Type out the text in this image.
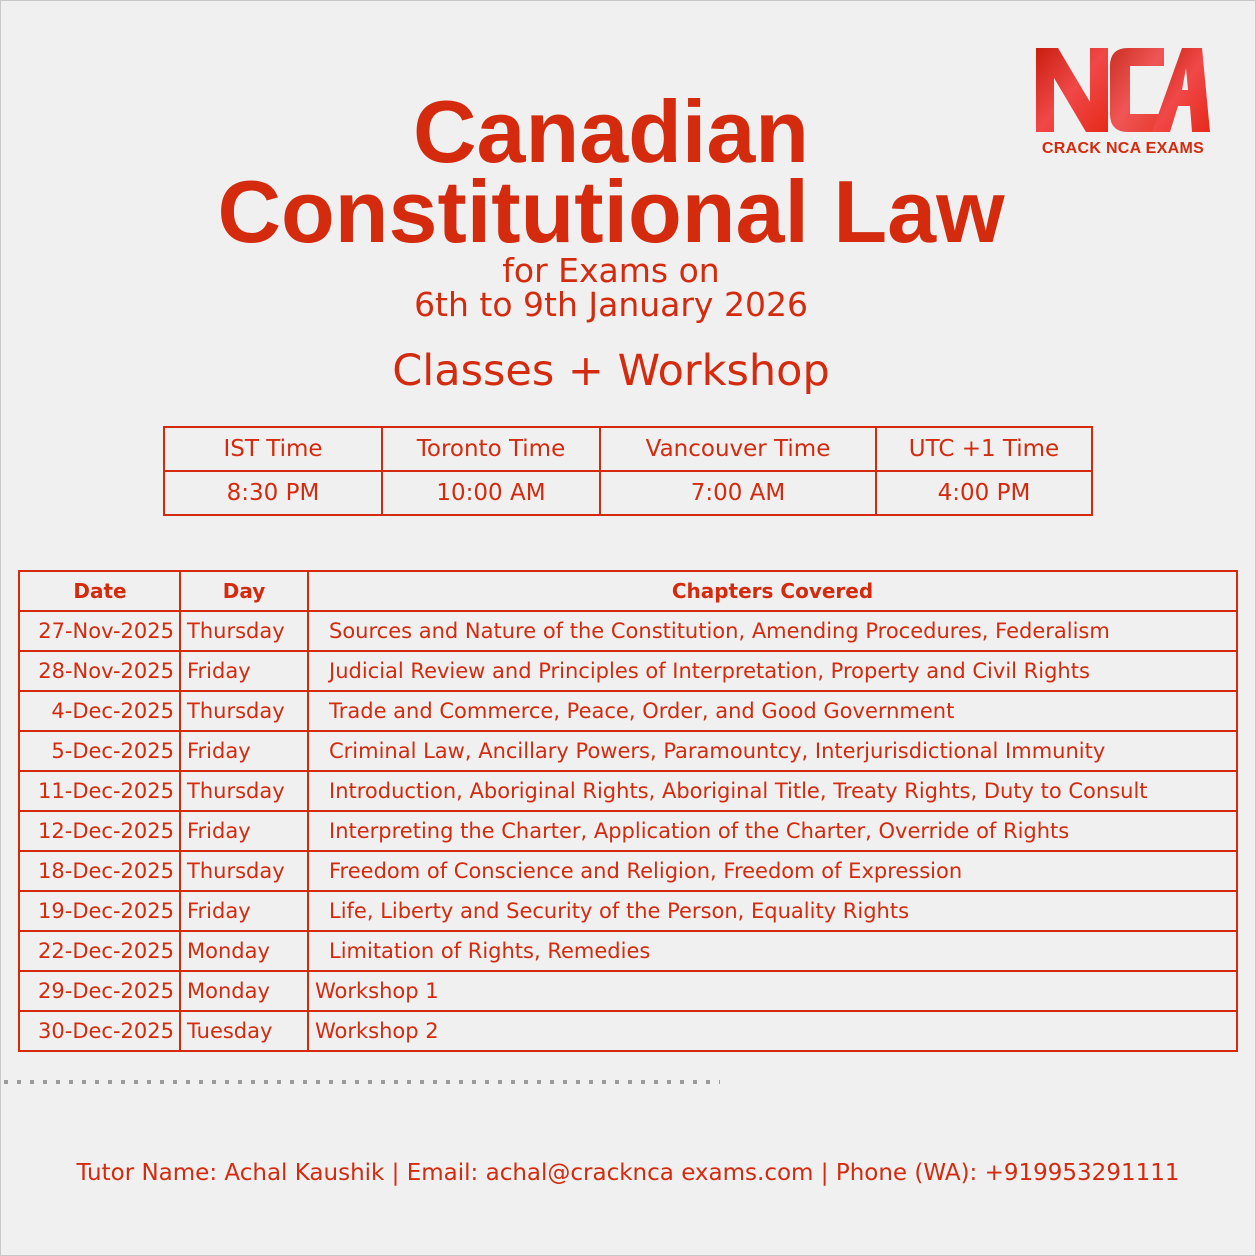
CRACK NCA EXAMS
Canadian
Constitutional Law
for Exams on
6th to 9th January 2026
Classes + Workshop
IST Time	Toronto Time	Vancouver Time	UTC +1 Time
8:30 PM	10:00 AM	7:00 AM	4:00 PM
Date	Day	Chapters Covered
27-Nov-2025	Thursday	Sources and Nature of the Constitution, Amending Procedures, Federalism
28-Nov-2025	Friday	Judicial Review and Principles of Interpretation, Property and Civil Rights
4-Dec-2025	Thursday	Trade and Commerce, Peace, Order, and Good Government
5-Dec-2025	Friday	Criminal Law, Ancillary Powers, Paramountcy, Interjurisdictional Immunity
11-Dec-2025	Thursday	Introduction, Aboriginal Rights, Aboriginal Title, Treaty Rights, Duty to Consult
12-Dec-2025	Friday	Interpreting the Charter, Application of the Charter, Override of Rights
18-Dec-2025	Thursday	Freedom of Conscience and Religion, Freedom of Expression
19-Dec-2025	Friday	Life, Liberty and Security of the Person, Equality Rights
22-Dec-2025	Monday	Limitation of Rights, Remedies
29-Dec-2025	Monday	Workshop 1
30-Dec-2025	Tuesday	Workshop 2
Tutor Name: Achal Kaushik | Email: achal@cracknca exams.com | Phone (WA): +919953291111
